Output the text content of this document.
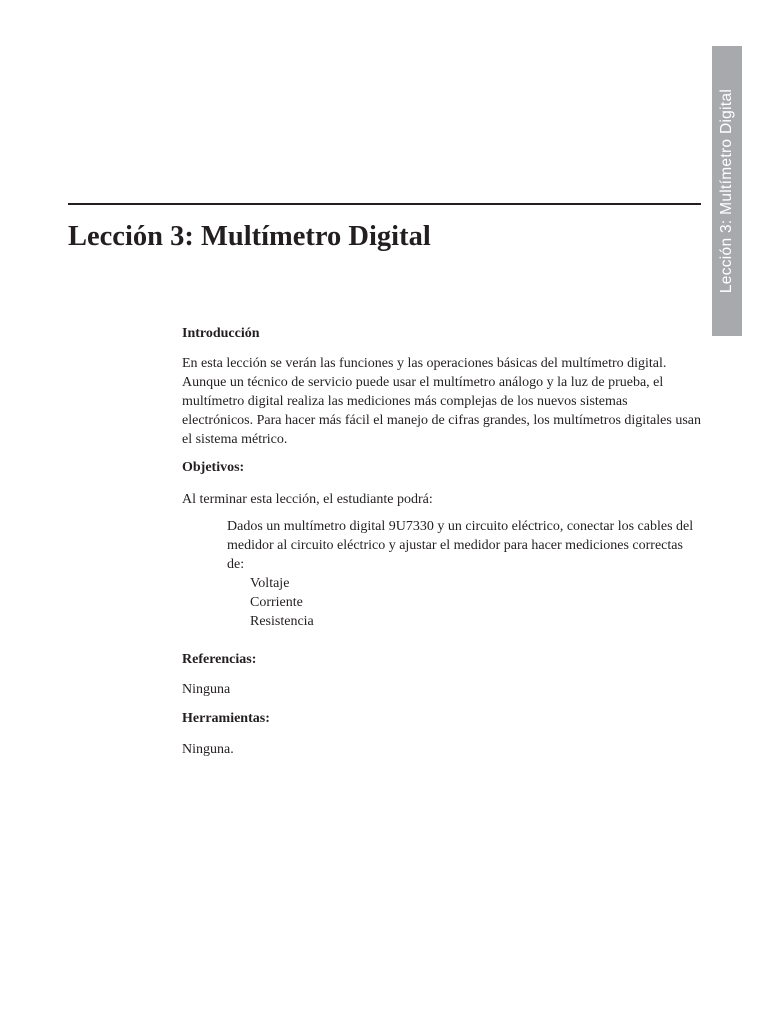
Lección 3: Multímetro Digital
Lección 3: Multímetro Digital

Introducción

En esta lección se verán las funciones y las operaciones básicas del multímetro digital. Aunque un técnico de servicio puede usar el multímetro análogo y la luz de prueba, el multímetro digital realiza las mediciones más complejas de los nuevos sistemas electrónicos. Para hacer más fácil el manejo de cifras grandes, los multímetros digitales usan el sistema métrico.

Objetivos:

Al terminar esta lección, el estudiante podrá:

Dados un multímetro digital 9U7330 y un circuito eléctrico, conectar los cables del medidor al circuito eléctrico y ajustar el medidor para hacer mediciones correctas de:

Voltaje
Corriente
Resistencia

Referencias:

Ninguna

Herramientas:

Ninguna.
